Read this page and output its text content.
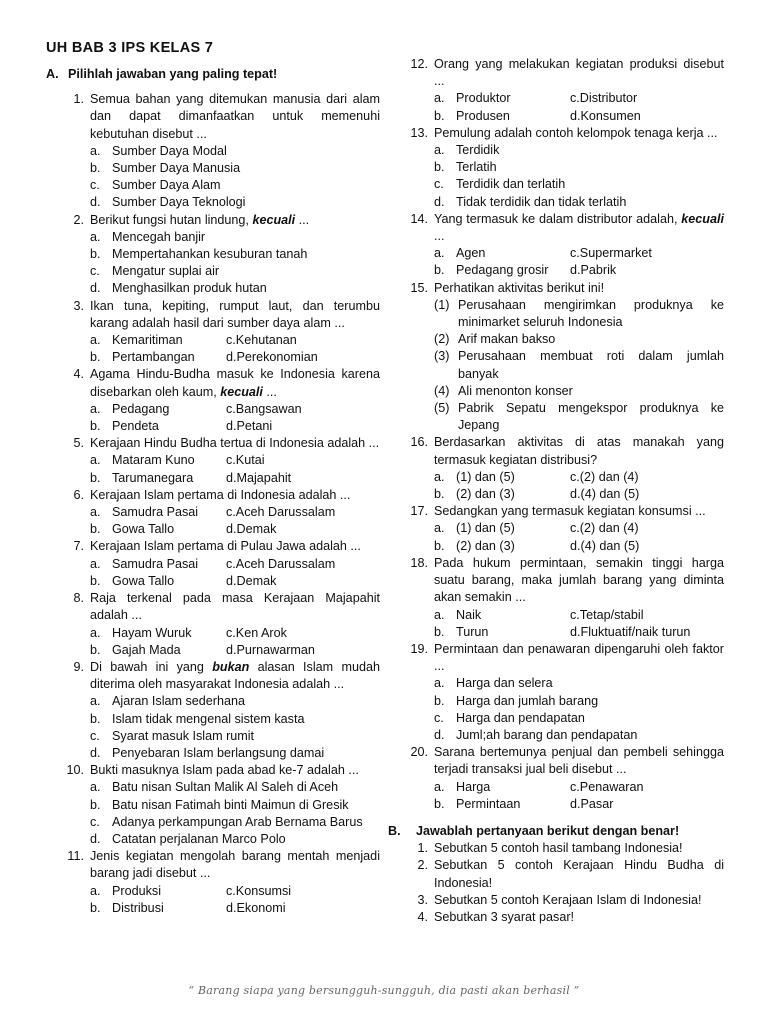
UH BAB 3 IPS KELAS 7
A. Pilihlah jawaban yang paling tepat!
1. Semua bahan yang ditemukan manusia dari alam dan dapat dimanfaatkan untuk memenuhi kebutuhan disebut ...
a. Sumber Daya Modal
b. Sumber Daya Manusia
c. Sumber Daya Alam
d. Sumber Daya Teknologi
2. Berikut fungsi hutan lindung, kecuali ...
a. Mencegah banjir
b. Mempertahankan kesuburan tanah
c. Mengatur suplai air
d. Menghasilkan produk hutan
3. Ikan tuna, kepiting, rumput laut, dan terumbu karang adalah hasil dari sumber daya alam ...
a. Kemaritiman	c. Kehutanan
b. Pertambangan d. Perekonomian
4. Agama Hindu-Budha masuk ke Indonesia karena disebarkan oleh kaum, kecuali ...
a. Pedagang	c. Bangsawan
b. Pendeta	d. Petani
5. Kerajaan Hindu Budha tertua di Indonesia adalah ...
a. Mataram Kuno c. Kutai
b. Tarumanegara	d. Majapahit
6. Kerajaan Islam pertama di Indonesia adalah ...
a. Samudra Pasai c. Aceh Darussalam
b. Gowa Tallo	d. Demak
7. Kerajaan Islam pertama di Pulau Jawa adalah ...
a. Samudra Pasai c. Aceh Darussalam
b. Gowa Tallo	d. Demak
8. Raja terkenal pada masa Kerajaan Majapahit adalah ...
a. Hayam Wuruk	c. Ken Arok
b. Gajah Mada	d. Purnawarman
9. Di bawah ini yang bukan alasan Islam mudah diterima oleh masyarakat Indonesia adalah ...
a. Ajaran Islam sederhana
b. Islam tidak mengenal sistem kasta
c. Syarat masuk Islam rumit
d. Penyebaran Islam berlangsung damai
10. Bukti masuknya Islam pada abad ke-7 adalah ...
a. Batu nisan Sultan Malik Al Saleh di Aceh
b. Batu nisan Fatimah binti Maimun di Gresik
c. Adanya perkampungan Arab Bernama Barus
d. Catatan perjalanan Marco Polo
11. Jenis kegiatan mengolah barang mentah menjadi barang jadi disebut ...
a. Produksi	c. Konsumsi
b. Distribusi	d. Ekonomi
12. Orang yang melakukan kegiatan produksi disebut ...
a. Produktor	c. Distributor
b. Produsen	d. Konsumen
13. Pemulung adalah contoh kelompok tenaga kerja ...
a. Terdidik
b. Terlatih
c. Terdidik dan terlatih
d. Tidak terdidik dan tidak terlatih
14. Yang termasuk ke dalam distributor adalah, kecuali ...
a. Agen	c. Supermarket
b. Pedagang grosir d. Pabrik
15. Perhatikan aktivitas berikut ini!
(1) Perusahaan mengirimkan produknya ke minimarket seluruh Indonesia
(2) Arif makan bakso
(3) Perusahaan membuat roti dalam jumlah banyak
(4) Ali menonton konser
(5) Pabrik Sepatu mengekspor produknya ke Jepang
16. Berdasarkan aktivitas di atas manakah yang termasuk kegiatan distribusi?
a. (1) dan (5)	c. (2) dan (4)
b. (2) dan (3)	d. (4) dan (5)
17. Sedangkan yang termasuk kegiatan konsumsi ...
a. (1) dan (5)	c. (2) dan (4)
b. (2) dan (3)	d. (4) dan (5)
18. Pada hukum permintaan, semakin tinggi harga suatu barang, maka jumlah barang yang diminta akan semakin ...
a. Naik	c. Tetap/stabil
b. Turun	d. Fluktuatif/naik turun
19. Permintaan dan penawaran dipengaruhi oleh faktor ...
a. Harga dan selera
b. Harga dan jumlah barang
c. Harga dan pendapatan
d. Juml;ah barang dan pendapatan
20. Sarana bertemunya penjual dan pembeli sehingga terjadi transaksi jual beli disebut ...
a. Harga	c. Penawaran
b. Permintaan	d. Pasar
B.	Jawablah pertanyaan berikut dengan benar!
1. Sebutkan 5 contoh hasil tambang Indonesia!
2. Sebutkan 5 contoh Kerajaan Hindu Budha di Indonesia!
3. Sebutkan 5 contoh Kerajaan Islam di Indonesia!
4. Sebutkan 3 syarat pasar!
“ Barang siapa yang bersungguh-sungguh, dia pasti akan berhasil ”
